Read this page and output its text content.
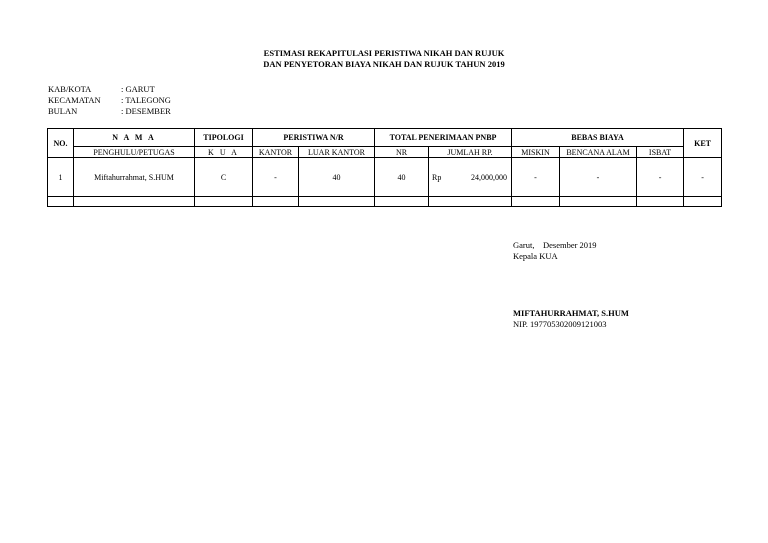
ESTIMASI REKAPITULASI PERISTIWA NIKAH DAN RUJUK
DAN PENYETORAN BIAYA NIKAH DAN RUJUK TAHUN 2019
KAB/KOTA	: GARUT
KECAMATAN	: TALEGONG
BULAN	: DESEMBER
NO.	N A M A	TIPOLOGI	PERISTIWA N/R		TOTAL PENERIMAAN PNBP		BEBAS BIAYA			KET
	PENGHULU/PETUGAS	K U A	KANTOR	LUAR KANTOR	NR	JUMLAH RP.	MISKIN	BENCANA ALAM	ISBAT	
1	Miftahurrahmat, S.HUM	C	-	40	40	Rp 24,000,000	-	-	-	-

Garut,    Desember 2019
Kepala KUA
MIFTAHURRAHMAT, S.HUM
NIP. 197705302009121003
